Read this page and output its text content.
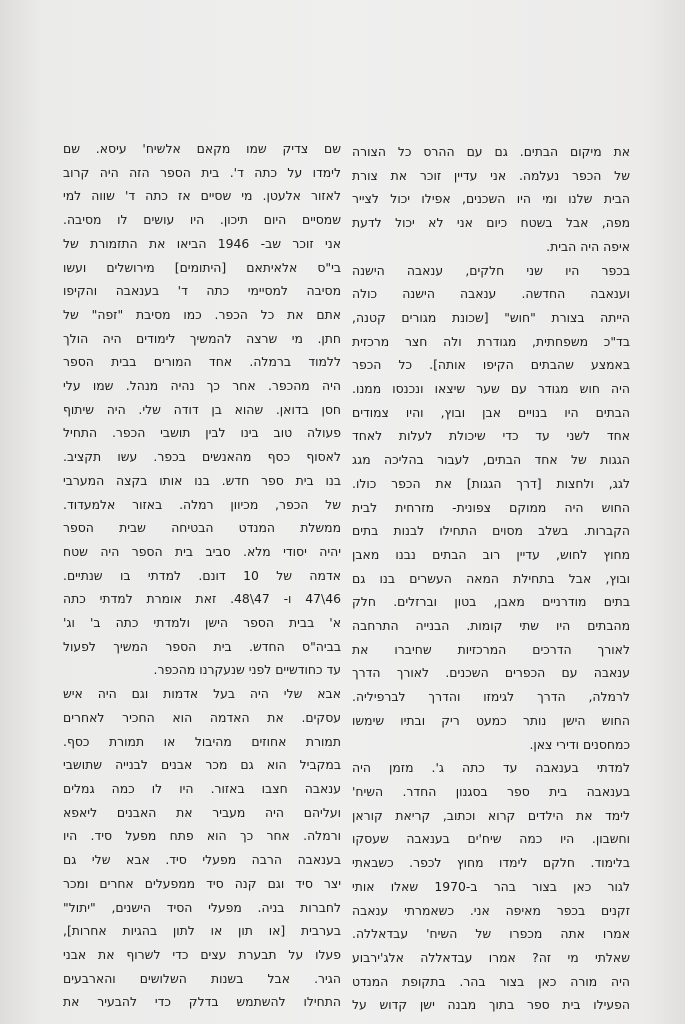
את מיקום הבתים. גם עם ההרס כל הצורה

של הכפר נעלמה. אני עדיין זוכר את צורת

הבית שלנו ומי היו השכנים, אפילו יכול לצייר

מפה, אבל בשטח כיום אני לא יכול לדעת

איפה היה הבית.

בכפר היו שני חלקים, ענאבה הישנה

וענאבה החדשה. ענאבה הישנה כולה

הייתה בצורת "חוש" [שכונת מגורים קטנה,

בד"כ משפחתית, מגודרת ולה חצר מרכזית

באמצע שהבתים הקיפו אותה]. כל הכפר

היה חוש מגודר עם שער שיצאו ונכנסו ממנו.

הבתים היו בנויים אבן ובוץ, והיו צמודים

אחד לשני עד כדי שיכולת לעלות לאחד

הגגות של אחד הבתים, לעבור בהליכה מגג

לגג, ולחצות [דרך הגגות] את הכפר כולו.

החוש היה ממוקם צפונית- מזרחית לבית

הקברות. בשלב מסוים התחילו לבנות בתים

מחוץ לחוש, עדיין רוב הבתים נבנו מאבן

ובוץ, אבל בתחילת המאה העשרים בנו גם

בתים מודרניים מאבן, בטון וברזלים. חלק

מהבתים היו שתי קומות. הבנייה התרחבה

לאורך הדרכים המרכזיות שחיברו את

ענאבה עם הכפרים השכנים. לאורך הדרך

לרמלה, הדרך לגימזו והדרך לברפיליה.

החוש הישן נותר כמעט ריק ובתיו שימשו

כמחסנים ודירי צאן.

למדתי בענאבה עד כתה ג'. מזמן היה

בענאבה בית ספר בסגנון החדר. השיח'

לימד את הילדים קרוא וכתוב, קריאת קוראן

וחשבון. היו כמה שיח'ים בענאבה שעסקו

בלימוד. חלקם לימדו מחוץ לכפר. כשבאתי

לגור כאן בצור בהר ב-1970 שאלו אותי

זקנים בכפר מאיפה אני. כשאמרתי ענאבה

אמרו אתה מכפרו של השיח' עבדאללה.

שאלתי מי זה? אמרו עבדאללה אלג'ירבוע

היה מורה כאן בצור בהר. בתקופת המנדט

הפעילו בית ספר בתוך מבנה ישן קדוש על

שם צדיק שמו מקאם אלשיח' עיסא. שם

לימדו על כתה ד'. בית הספר הזה היה קרוב

לאזור אלעטן. מי שסיים אז כתה ד' שווה למי

שמסיים היום תיכון. היו עושים לו מסיבה.

אני זוכר שב- 1946 הביאו את התזמורת של

בי"ס אלאיתאם [היתומים] מירושלים ועשו

מסיבה למסיימי כתה ד' בענאבה והקיפו

אתם את כל הכפר. כמו מסיבת "זפה" של

חתן. מי שרצה להמשיך לימודים היה הולך

ללמוד ברמלה. אחד המורים בבית הספר

היה מהכפר. אחר כך נהיה מנהל. שמו עלי

חסן בדואן. שהוא בן דודה שלי. היה שיתוף

פעולה טוב בינו לבין תושבי הכפר. התחיל

לאסוף כסף מהאנשים בכפר. עשו תקציב.

בנו בית ספר חדש. בנו אותו בקצה המערבי

של הכפר, מכיוון רמלה. באזור אלמעדוד.

ממשלת המנדט הבטיחה שבית הספר

יהיה יסודי מלא. סביב בית הספר היה שטח

אדמה של 10 דונם. למדתי בו שנתיים.

46\47 ו- 47\48. זאת אומרת למדתי כתה

א' בבית הספר הישן ולמדתי כתה ב' וג'

בביה"ס החדש. בית הספר המשיך לפעול

עד כחודשיים לפני שנעקרנו מהכפר.

אבא שלי היה בעל אדמות וגם היה איש

עסקים. את האדמה הוא החכיר לאחרים

תמורת אחוזים מהיבול או תמורת כסף.

במקביל הוא גם מכר אבנים לבנייה שתושבי

ענאבה חצבו באזור. היו לו כמה גמלים

ועליהם היה מעביר את האבנים ליאפא

ורמלה. אחר כך הוא פתח מפעל סיד. היו

בענאבה הרבה מפעלי סיד. אבא שלי גם

יצר סיד וגם קנה סיד ממפעלים אחרים ומכר

לחברות בניה. מפעלי הסיד הישנים, "יתול"

בערבית [או תון או לתון בהגיות אחרות],

פעלו על תבערת עצים כדי לשרוף את אבני

הגיר. אבל בשנות השלושים והארבעים

התחילו להשתמש בדלק כדי להבעיר את
